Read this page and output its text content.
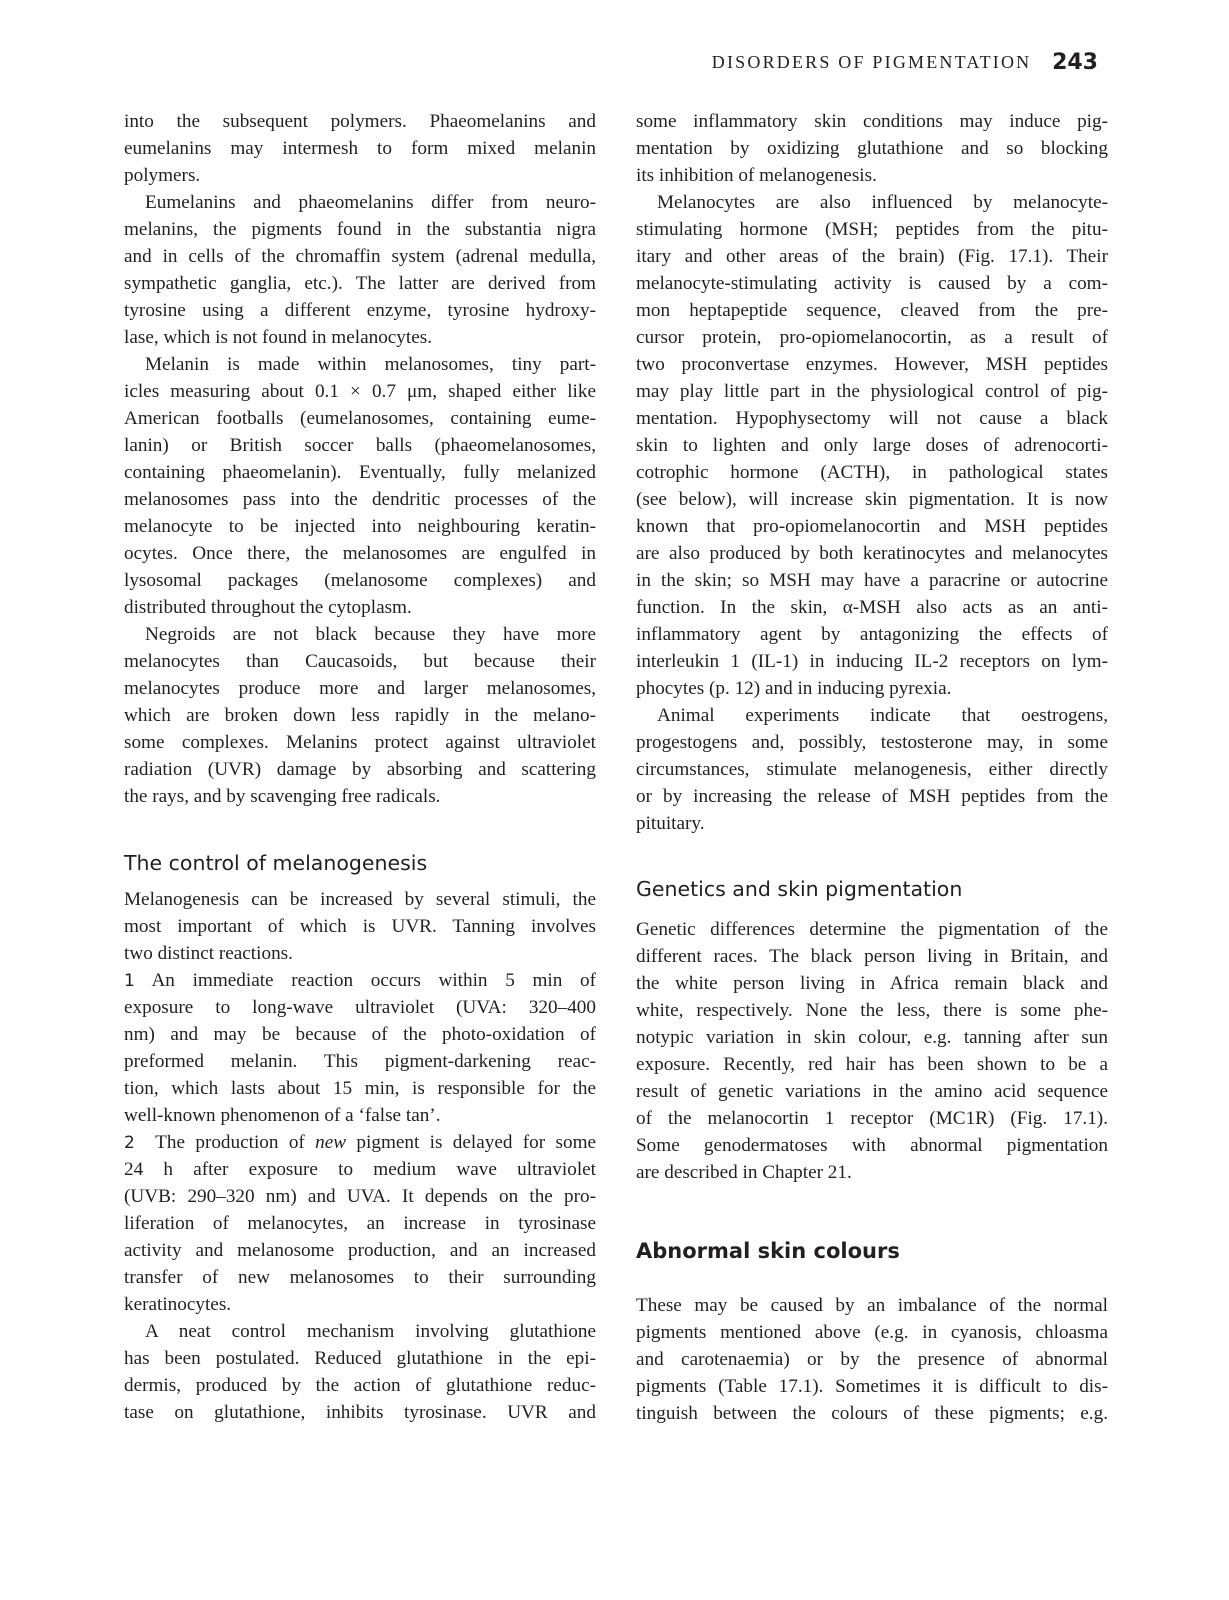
DISORDERS OF PIGMENTATION 243
into the subsequent polymers. Phaeomelanins and
eumelanins may intermesh to form mixed melanin
polymers.
Eumelanins and phaeomelanins differ from neuro-
melanins, the pigments found in the substantia nigra
and in cells of the chromaffin system (adrenal medulla,
sympathetic ganglia, etc.). The latter are derived from
tyrosine using a different enzyme, tyrosine hydroxy-
lase, which is not found in melanocytes.
Melanin is made within melanosomes, tiny part-
icles measuring about 0.1 × 0.7 μm, shaped either like
American footballs (eumelanosomes, containing eume-
lanin) or British soccer balls (phaeomelanosomes,
containing phaeomelanin). Eventually, fully melanized
melanosomes pass into the dendritic processes of the
melanocyte to be injected into neighbouring keratin-
ocytes. Once there, the melanosomes are engulfed in
lysosomal packages (melanosome complexes) and
distributed throughout the cytoplasm.
Negroids are not black because they have more
melanocytes than Caucasoids, but because their
melanocytes produce more and larger melanosomes,
which are broken down less rapidly in the melano-
some complexes. Melanins protect against ultraviolet
radiation (UVR) damage by absorbing and scattering
the rays, and by scavenging free radicals.
The control of melanogenesis
Melanogenesis can be increased by several stimuli, the
most important of which is UVR. Tanning involves
two distinct reactions.
1 An immediate reaction occurs within 5 min of
exposure to long-wave ultraviolet (UVA: 320–400
nm) and may be because of the photo-oxidation of
preformed melanin. This pigment-darkening reac-
tion, which lasts about 15 min, is responsible for the
well-known phenomenon of a ‘false tan’.
2 The production of new pigment is delayed for some
24 h after exposure to medium wave ultraviolet
(UVB: 290–320 nm) and UVA. It depends on the pro-
liferation of melanocytes, an increase in tyrosinase
activity and melanosome production, and an increased
transfer of new melanosomes to their surrounding
keratinocytes.
A neat control mechanism involving glutathione
has been postulated. Reduced glutathione in the epi-
dermis, produced by the action of glutathione reduc-
tase on glutathione, inhibits tyrosinase. UVR and
some inflammatory skin conditions may induce pig-
mentation by oxidizing glutathione and so blocking
its inhibition of melanogenesis.
Melanocytes are also influenced by melanocyte-
stimulating hormone (MSH; peptides from the pitu-
itary and other areas of the brain) (Fig. 17.1). Their
melanocyte-stimulating activity is caused by a com-
mon heptapeptide sequence, cleaved from the pre-
cursor protein, pro-opiomelanocortin, as a result of
two proconvertase enzymes. However, MSH peptides
may play little part in the physiological control of pig-
mentation. Hypophysectomy will not cause a black
skin to lighten and only large doses of adrenocorti-
cotrophic hormone (ACTH), in pathological states
(see below), will increase skin pigmentation. It is now
known that pro-opiomelanocortin and MSH peptides
are also produced by both keratinocytes and melanocytes
in the skin; so MSH may have a paracrine or autocrine
function. In the skin, α-MSH also acts as an anti-
inflammatory agent by antagonizing the effects of
interleukin 1 (IL-1) in inducing IL-2 receptors on lym-
phocytes (p. 12) and in inducing pyrexia.
Animal experiments indicate that oestrogens,
progestogens and, possibly, testosterone may, in some
circumstances, stimulate melanogenesis, either directly
or by increasing the release of MSH peptides from the
pituitary.
Genetics and skin pigmentation
Genetic differences determine the pigmentation of the
different races. The black person living in Britain, and
the white person living in Africa remain black and
white, respectively. None the less, there is some phe-
notypic variation in skin colour, e.g. tanning after sun
exposure. Recently, red hair has been shown to be a
result of genetic variations in the amino acid sequence
of the melanocortin 1 receptor (MC1R) (Fig. 17.1).
Some genodermatoses with abnormal pigmentation
are described in Chapter 21.
Abnormal skin colours
These may be caused by an imbalance of the normal
pigments mentioned above (e.g. in cyanosis, chloasma
and carotenaemia) or by the presence of abnormal
pigments (Table 17.1). Sometimes it is difficult to dis-
tinguish between the colours of these pigments; e.g.
